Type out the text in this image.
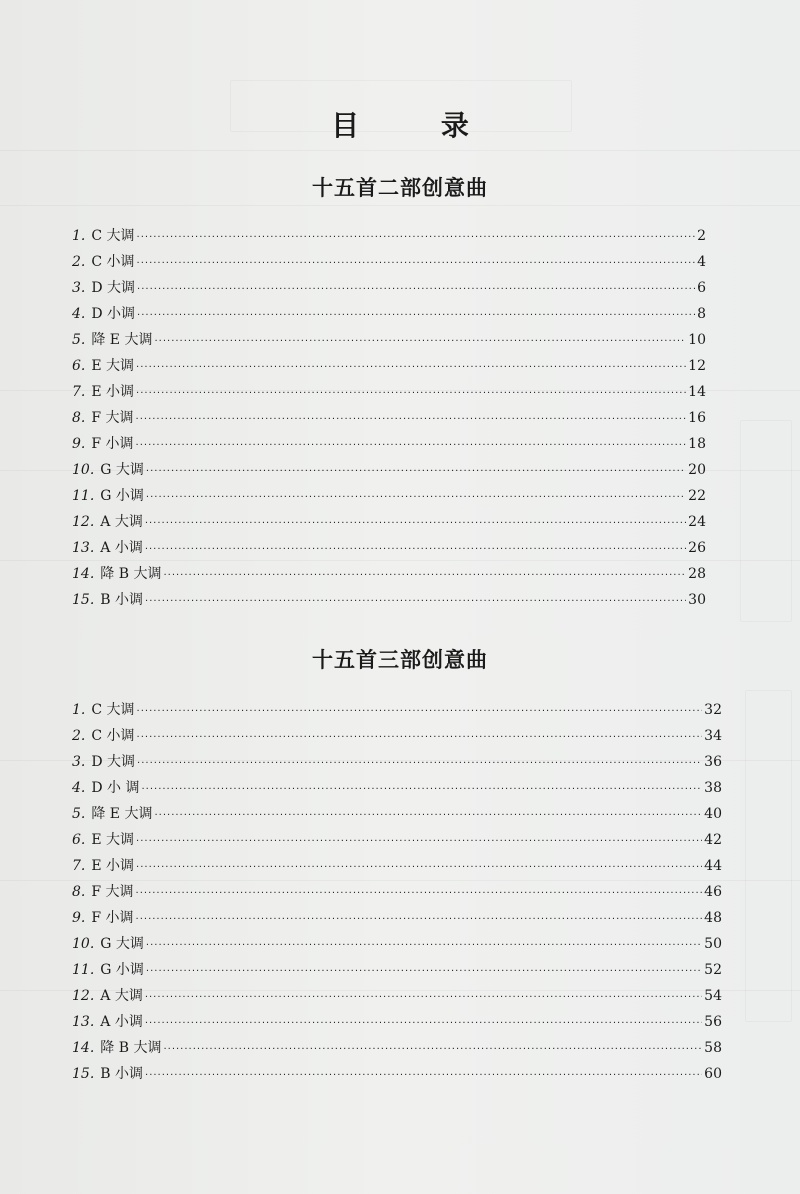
目 录
十五首二部创意曲
1. C 大调 ·····	2
2. C 小调 ·····	4
3. D 大调 ·····	6
4. D 小调 ·····	8
5. 降 E 大调 ·····	10
6. E 大调 ·····	12
7. E 小调 ·····	14
8. F 大调 ·····	16
9. F 小调 ·····	18
10. G 大调 ·····	20
11. G 小调 ·····	22
12. A 大调 ·····	24
13. A 小调 ·····	26
14. 降 B 大调 ·····	28
15. B 小调 ·····	30
十五首三部创意曲
1. C 大调 ·····	32
2. C 小调 ·····	34
3. D 大调 ·····	36
4. D 小 调 ·····	38
5. 降 E 大调 ·····	40
6. E 大调 ·····	42
7. E 小调 ·····	44
8. F 大调 ·····	46
9. F 小调 ·····	48
10. G 大调 ·····	50
11. G 小调 ·····	52
12. A 大调 ·····	54
13. A 小调 ·····	56
14. 降 B 大调 ·····	58
15. B 小调 ·····	60
